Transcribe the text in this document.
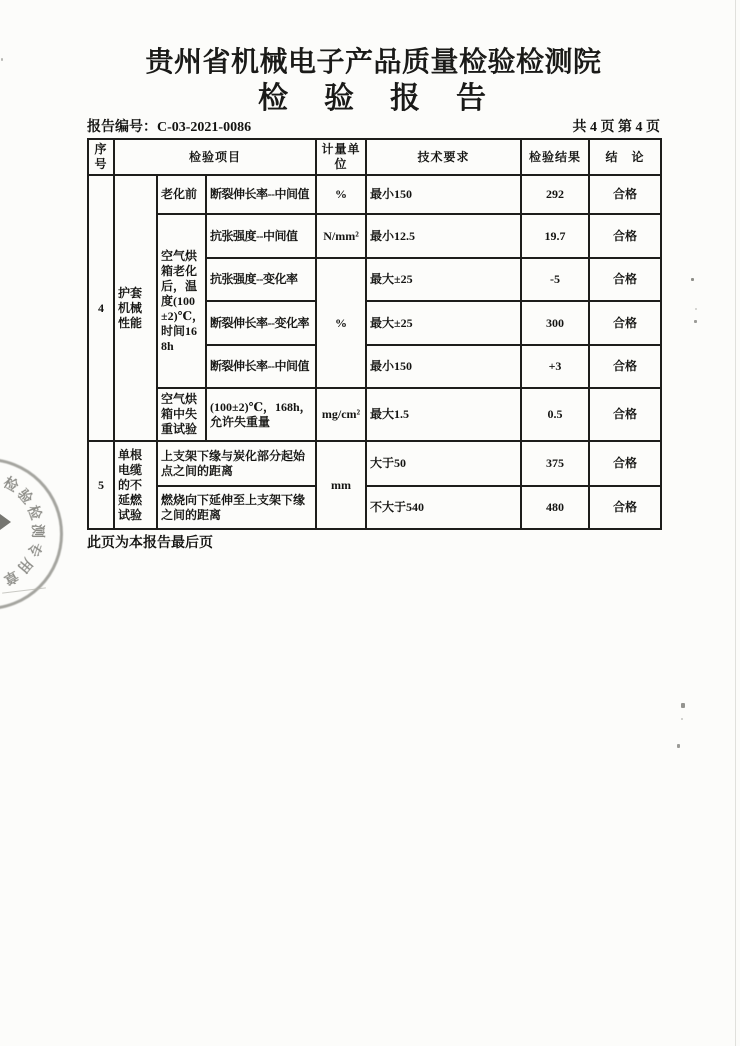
贵州省机械电子产品质量检验检测院
检　验　报　告
报告编号：C-03-2021-0086	共 4 页 第 4 页
序号	检验项目			计量单位	技术要求	检验结果	结　论
4	护套机械性能	老化前	断裂伸长率--中间值	%	最小150	292	合格
		空气烘箱老化后，温度(100±2)℃，时间168h	抗张强度--中间值	N/mm²	最小12.5	19.7	合格
			抗张强度--变化率	%	最大±25	-5	合格
			断裂伸长率--变化率		最大±25	300	合格
			断裂伸长率--中间值		最小150	+3	合格
		空气烘箱中失重试验	(100±2)℃，168h，允许失重量	mg/cm²	最大1.5	0.5	合格
5	单根电缆的不延燃试验	上支架下缘与炭化部分起始点之间的距离		mm	大于50	375	合格
		燃烧向下延伸至上支架下缘之间的距离			不大于540	480	合格
此页为本报告最后页
检
验
检
测
专
用
章
